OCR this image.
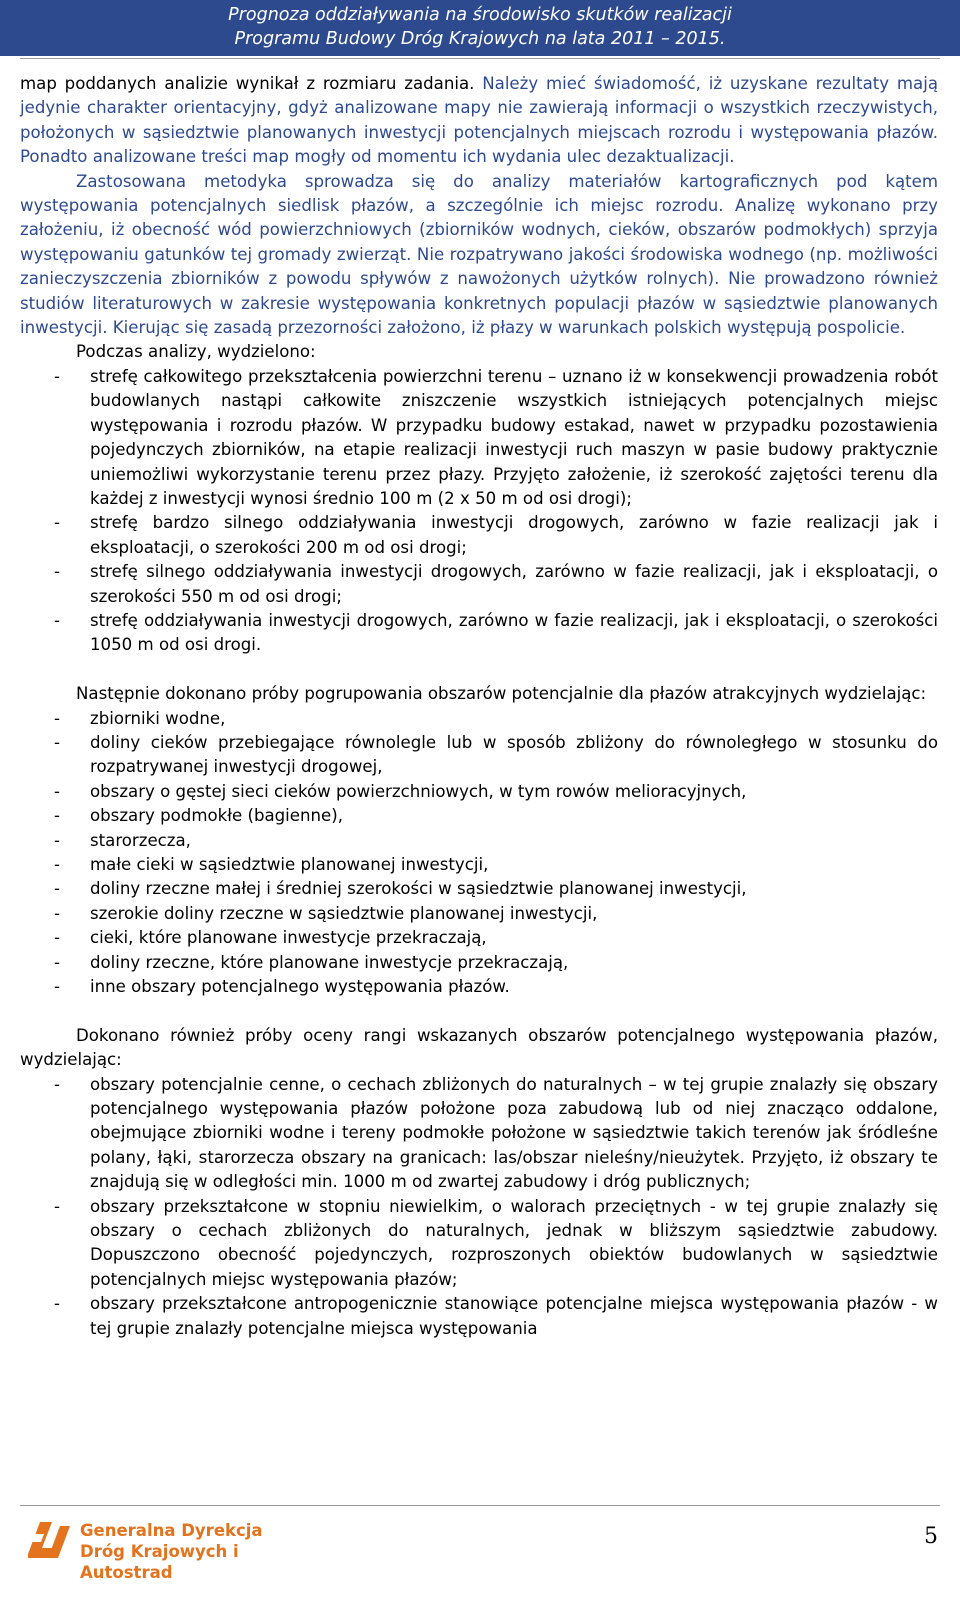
Prognoza oddziaływania na środowisko skutków realizacji
Programu Budowy Dróg Krajowych na lata 2011 – 2015.
map poddanych analizie wynikał z rozmiaru zadania. Należy mieć świadomość, iż uzyskane rezultaty mają jedynie charakter orientacyjny, gdyż analizowane mapy nie zawierają informacji o wszystkich rzeczywistych, położonych w sąsiedztwie planowanych inwestycji potencjalnych miejscach rozrodu i występowania płazów. Ponadto analizowane treści map mogły od momentu ich wydania ulec dezaktualizacji.
Zastosowana metodyka sprowadza się do analizy materiałów kartograficznych pod kątem występowania potencjalnych siedlisk płazów, a szczególnie ich miejsc rozrodu. Analizę wykonano przy założeniu, iż obecność wód powierzchniowych (zbiorników wodnych, cieków, obszarów podmokłych) sprzyja występowaniu gatunków tej gromady zwierząt. Nie rozpatrywano jakości środowiska wodnego (np. możliwości zanieczyszczenia zbiorników z powodu spływów z nawożonych użytków rolnych). Nie prowadzono również studiów literaturowych w zakresie występowania konkretnych populacji płazów w sąsiedztwie planowanych inwestycji. Kierując się zasadą przezorności założono, iż płazy w warunkach polskich występują pospolicie.
Podczas analizy, wydzielono:
- strefę całkowitego przekształcenia powierzchni terenu – uznano iż w konsekwencji prowadzenia robót budowlanych nastąpi całkowite zniszczenie wszystkich istniejących potencjalnych miejsc występowania i rozrodu płazów. W przypadku budowy estakad, nawet w przypadku pozostawienia pojedynczych zbiorników, na etapie realizacji inwestycji ruch maszyn w pasie budowy praktycznie uniemożliwi wykorzystanie terenu przez płazy. Przyjęto założenie, iż szerokość zajętości terenu dla każdej z inwestycji wynosi średnio 100 m (2 x 50 m od osi drogi);
- strefę bardzo silnego oddziaływania inwestycji drogowych, zarówno w fazie realizacji jak i eksploatacji, o szerokości 200 m od osi drogi;
- strefę silnego oddziaływania inwestycji drogowych, zarówno w fazie realizacji, jak i eksploatacji, o szerokości 550 m od osi drogi;
- strefę oddziaływania inwestycji drogowych, zarówno w fazie realizacji, jak i eksploatacji, o szerokości 1050 m od osi drogi.
Następnie dokonano próby pogrupowania obszarów potencjalnie dla płazów atrakcyjnych wydzielając:
- zbiorniki wodne,
- doliny cieków przebiegające równolegle lub w sposób zbliżony do równoległego w stosunku do rozpatrywanej inwestycji drogowej,
- obszary o gęstej sieci cieków powierzchniowych, w tym rowów melioracyjnych,
- obszary podmokłe (bagienne),
- starorzecza,
- małe cieki w sąsiedztwie planowanej inwestycji,
- doliny rzeczne małej i średniej szerokości w sąsiedztwie planowanej inwestycji,
- szerokie doliny rzeczne w sąsiedztwie planowanej inwestycji,
- cieki, które planowane inwestycje przekraczają,
- doliny rzeczne, które planowane inwestycje przekraczają,
- inne obszary potencjalnego występowania płazów.
Dokonano również próby oceny rangi wskazanych obszarów potencjalnego występowania płazów, wydzielając:
- obszary potencjalnie cenne, o cechach zbliżonych do naturalnych – w tej grupie znalazły się obszary potencjalnego występowania płazów położone poza zabudową lub od niej znacząco oddalone, obejmujące zbiorniki wodne i tereny podmokłe położone w sąsiedztwie takich terenów jak śródleśne polany, łąki, starorzecza obszary na granicach: las/obszar nieleśny/nieużytek. Przyjęto, iż obszary te znajdują się w odległości min. 1000 m od zwartej zabudowy i dróg publicznych;
- obszary przekształcone w stopniu niewielkim, o walorach przeciętnych - w tej grupie znalazły się obszary o cechach zbliżonych do naturalnych, jednak w bliższym sąsiedztwie zabudowy. Dopuszczono obecność pojedynczych, rozproszonych obiektów budowlanych w sąsiedztwie potencjalnych miejsc występowania płazów;
- obszary przekształcone antropogenicznie stanowiące potencjalne miejsca występowania płazów - w tej grupie znalazły potencjalne miejsca występowania
Generalna Dyrekcja
Dróg Krajowych i Autostrad
5
